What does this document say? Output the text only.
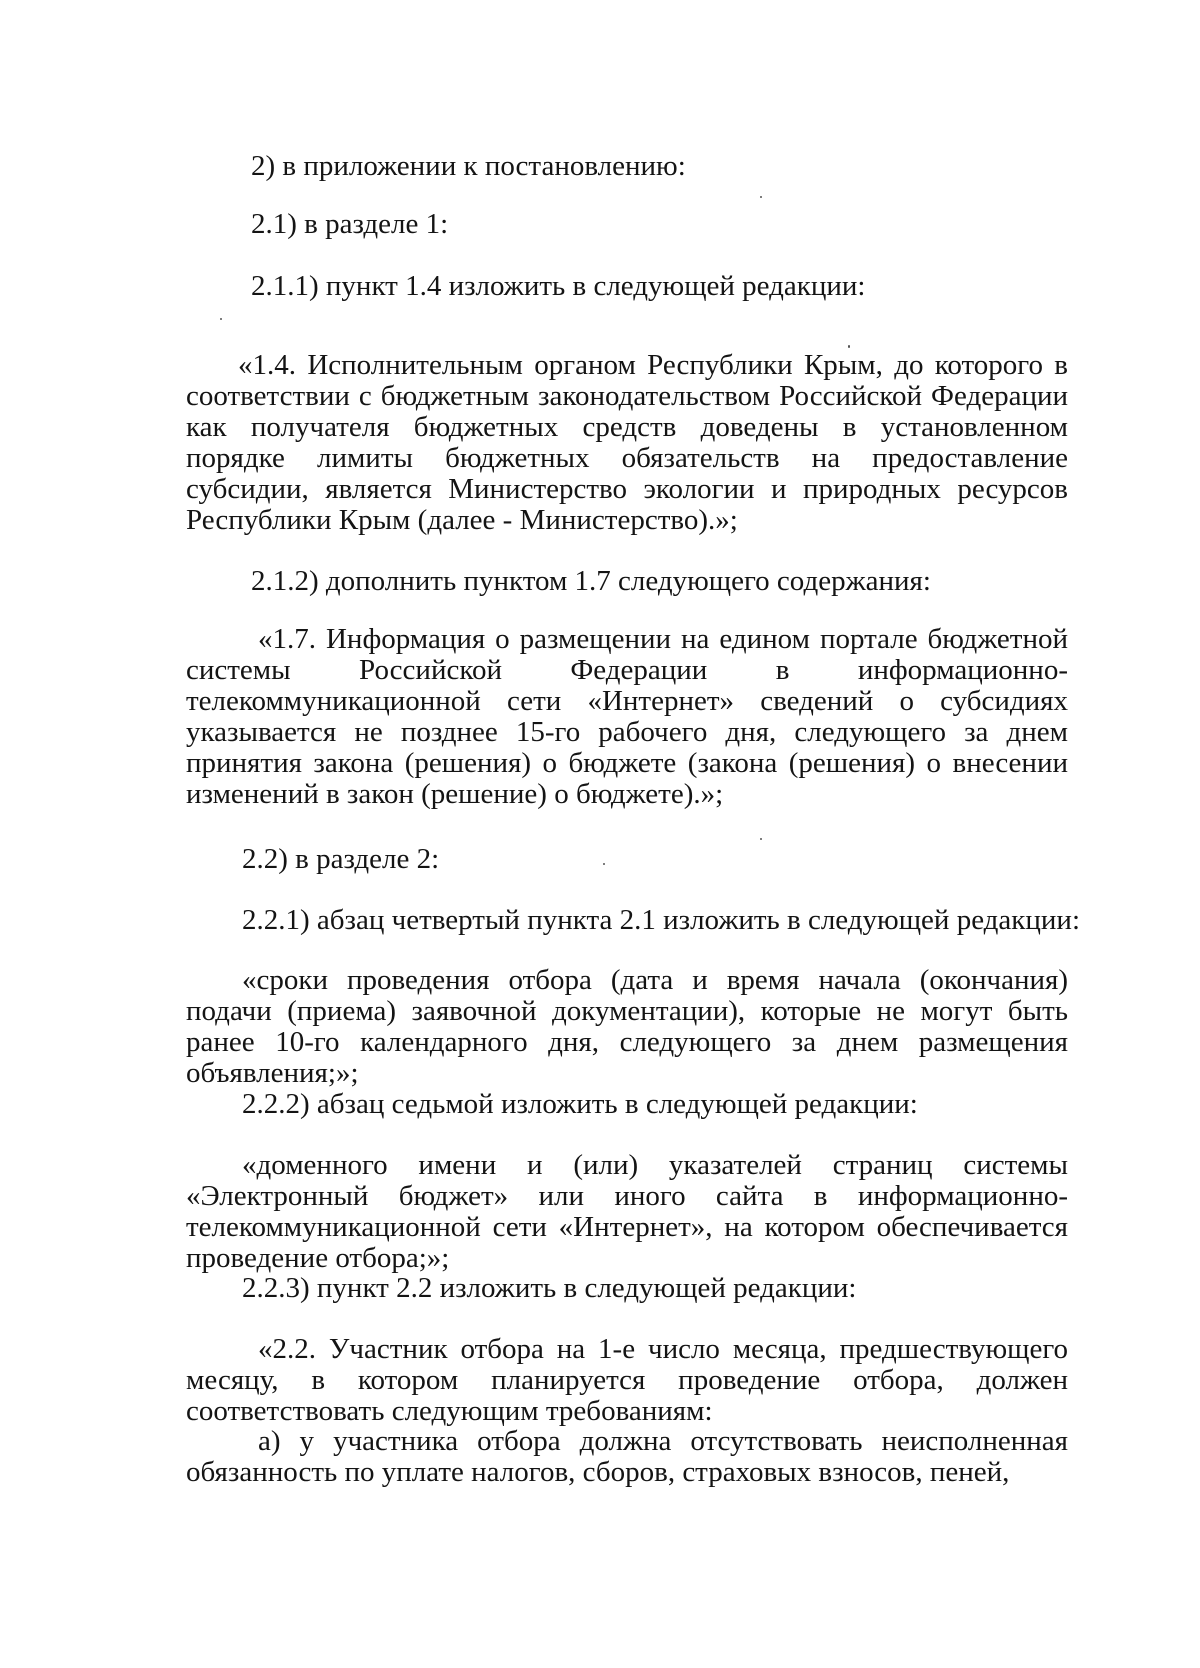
2) в приложении к постановлению:
2.1) в разделе 1:
2.1.1) пункт 1.4 изложить в следующей редакции:
«1.4. Исполнительным органом Республики Крым, до которого в соответствии с бюджетным законодательством Российской Федерации как получателя бюджетных средств доведены в установленном порядке лимиты бюджетных обязательств на предоставление субсидии, является Министерство экологии и природных ресурсов Республики Крым (далее - Министерство).»;
2.1.2) дополнить пунктом 1.7 следующего содержания:
«1.7. Информация о размещении на едином портале бюджетной системы Российской Федерации в информационно-телекоммуникационной сети «Интернет» сведений о субсидиях указывается не позднее 15-го рабочего дня, следующего за днем принятия закона (решения) о бюджете (закона (решения) о внесении изменений в закон (решение) о бюджете).»;
2.2) в разделе 2:
2.2.1) абзац четвертый пункта 2.1 изложить в следующей редакции:
«сроки проведения отбора (дата и время начала (окончания) подачи (приема) заявочной документации), которые не могут быть ранее 10-го календарного дня, следующего за днем размещения объявления;»;
2.2.2) абзац седьмой изложить в следующей редакции:
«доменного имени и (или) указателей страниц системы «Электронный бюджет» или иного сайта в информационно-телекоммуникационной сети «Интернет», на котором обеспечивается проведение отбора;»;
2.2.3) пункт 2.2 изложить в следующей редакции:
«2.2. Участник отбора на 1-е число месяца, предшествующего месяцу, в котором планируется проведение отбора, должен соответствовать следующим требованиям:
а) у участника отбора должна отсутствовать неисполненная обязанность по уплате налогов, сборов, страховых взносов, пеней,
